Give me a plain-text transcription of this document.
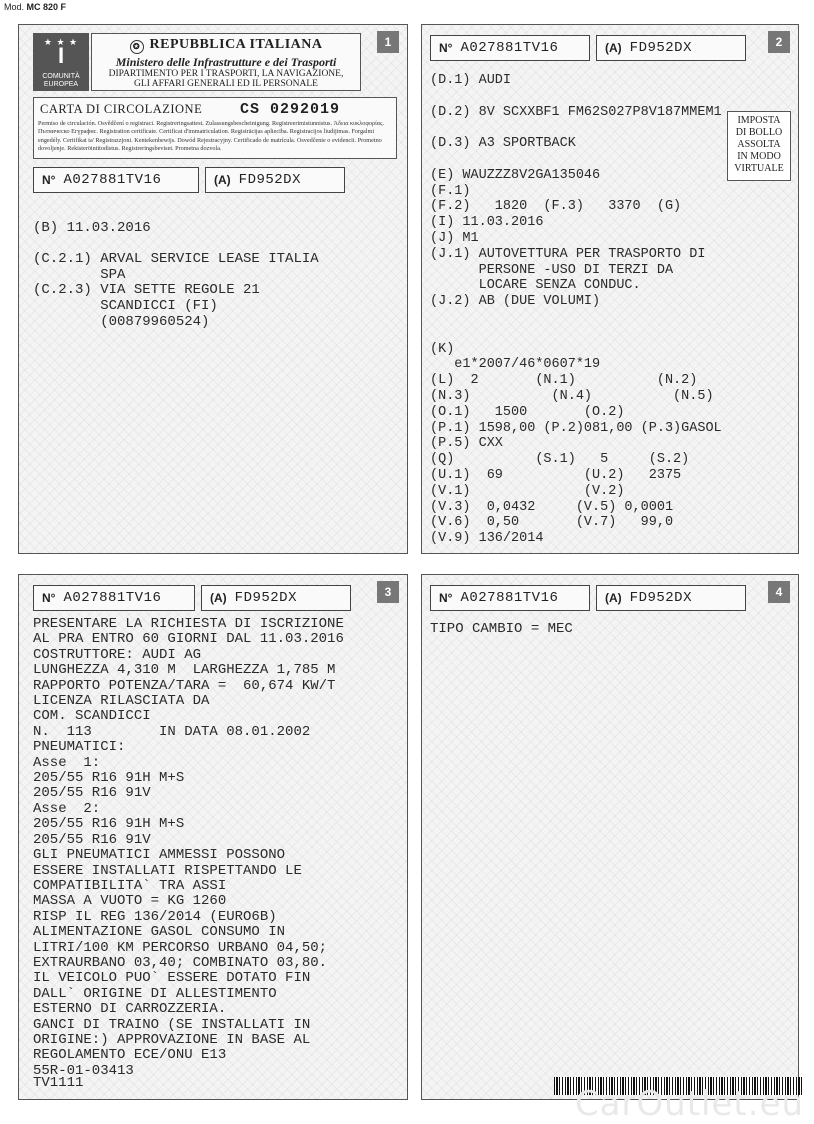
Mod. MC 820 F
1
★ ★ ★
I
COMUNITÀ EUROPEA
✪ REPUBBLICA ITALIANA
Ministero delle Infrastrutture e dei Trasporti
DIPARTIMENTO PER I TRASPORTI, LA NAVIGAZIONE,
GLI AFFARI GENERALI ED IL PERSONALE
CARTA DI CIRCOLAZIONE	CS 0292019
Permiso de circulación. Osvědčení o registraci. Registreringsattest. Zulassungsbescheinigung. Registreerimistunnistus. Άδεια κυκλοφορίας. Пътническо Егүрафнс. Registration certificate. Certificat d'immatriculation. Registrācijas apliecība. Registracijos liudijimas. Forgalmi engedély. Certifikat ta' Registrazzjoni. Kentekenbewijs. Dowód Rejestracyjny. Certificado de matrícula. Osvedčenie o evidencii. Prometno dovoljenje. Rekisteröintitodistus. Registreringsbeviset. Prometna dozvola.
N° A027881TV16	(A) FD952DX
(B) 11.03.2016

(C.2.1) ARVAL SERVICE LEASE ITALIA
SPA
(C.2.3) VIA SETTE REGOLE 21
SCANDICCI (FI)
(00879960524)
2
N° A027881TV16	(A) FD952DX
(D.1) AUDI

(D.2) 8V SCXXBF1 FM62S027P8V187MMEM1

(D.3) A3 SPORTBACK

(E) WAUZZZ8V2GA135046
(F.1)
(F.2)   1820  (F.3)   3370  (G)
(I) 11.03.2016
(J) M1
(J.1) AUTOVETTURA PER TRASPORTO DI
PERSONE -USO DI TERZI DA
LOCARE SENZA CONDUC.
(J.2) AB (DUE VOLUMI)

(K)
e1*2007/46*0607*19
(L)  2       (N.1)          (N.2)
(N.3)          (N.4)          (N.5)
(O.1)   1500       (O.2)
(P.1) 1598,00 (P.2)081,00 (P.3)GASOL
(P.5) CXX
(Q)          (S.1)   5     (S.2)
(U.1)  69          (U.2)   2375
(V.1)              (V.2)
(V.3)  0,0432     (V.5) 0,0001
(V.6)  0,50       (V.7)   99,0
(V.9) 136/2014
IMPOSTA
DI BOLLO
ASSOLTA
IN MODO
VIRTUALE
3
N° A027881TV16	(A) FD952DX
PRESENTARE LA RICHIESTA DI ISCRIZIONE
AL PRA ENTRO 60 GIORNI DAL 11.03.2016
COSTRUTTORE: AUDI AG
LUNGHEZZA 4,310 M  LARGHEZZA 1,785 M
RAPPORTO POTENZA/TARA =  60,674 KW/T
LICENZA RILASCIATA DA
COM. SCANDICCI
N.  113        IN DATA 08.01.2002
PNEUMATICI:
Asse  1:
205/55 R16 91H M+S
205/55 R16 91V
Asse  2:
205/55 R16 91H M+S
205/55 R16 91V
GLI PNEUMATICI AMMESSI POSSONO
ESSERE INSTALLATI RISPETTANDO LE
COMPATIBILITA` TRA ASSI
MASSA A VUOTO = KG 1260
RISP IL REG 136/2014 (EURO6B)
ALIMENTAZIONE GASOL CONSUMO IN
LITRI/100 KM PERCORSO URBANO 04,50;
EXTRAURBANO 03,40; COMBINATO 03,80.
IL VEICOLO PUO` ESSERE DOTATO FIN
DALL` ORIGINE DI ALLESTIMENTO
ESTERNO DI CARROZZERIA.
GANCI DI TRAINO (SE INSTALLATI IN
ORIGINE:) APPROVAZIONE IN BASE AL
REGOLAMENTO ECE/ONU E13
55R-01-03413
TV1111
4
N° A027881TV16	(A) FD952DX
TIPO CAMBIO = MEC
CarOutlet.eu
